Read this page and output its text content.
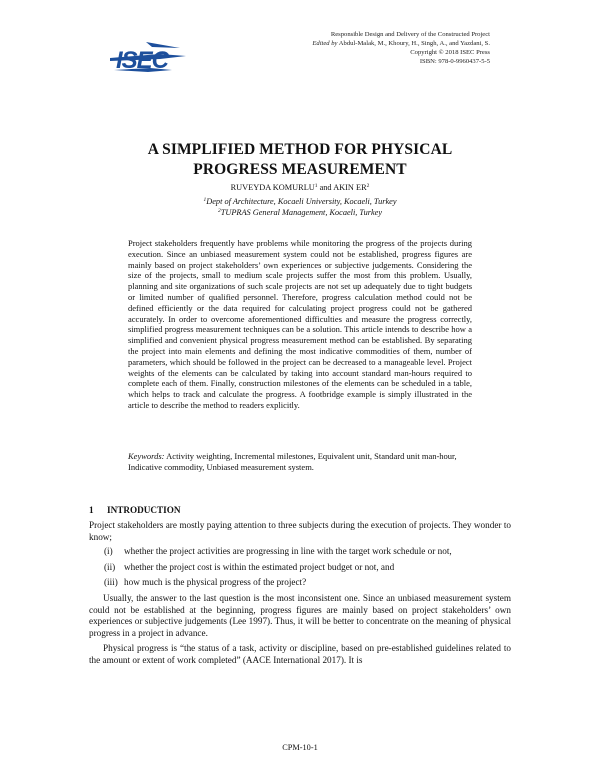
ISEC
Responsible Design and Delivery of the Constructed Project
Edited by Abdul-Malak, M., Khoury, H., Singh, A., and Yazdani, S.
Copyright © 2018 ISEC Press
ISBN: 978-0-9960437-5-5
A SIMPLIFIED METHOD FOR PHYSICAL
PROGRESS MEASUREMENT
RUVEYDA KOMURLU$^1$ and AKIN $ER^2$
$^1$Dept of Architecture, Kocaeli University, Kocaeli, Turkey
$^2$TUPRAS General Management, Kocaeli, Turkey

Project stakeholders frequently have problems while monitoring the progress of the projects during execution. Since an unbiased measurement system could not be established, progress figures are mainly based on project stakeholders’ own experiences or subjective judgements. Considering the size of the projects, small to medium scale projects suffer the most from this problem. Usually, planning and site organizations of such scale projects are not set up adequately due to tight budgets or limited number of qualified personnel. Therefore, progress calculation method could not be defined efficiently or the data required for calculating project progress could not be gathered accurately. In order to overcome aforementioned difficulties and measure the progress correctly, simplified progress measurement techniques can be a solution. This article intends to describe how a simplified and convenient physical progress measurement method can be established. By separating the project into main elements and defining the most indicative commodities of them, number of parameters, which should be followed in the project can be decreased to a manageable level. Project weights of the elements can be calculated by taking into account standard man-hours required to complete each of them. Finally, construction milestones of the elements can be scheduled in a table, which helps to track and calculate the progress. A footbridge example is simply illustrated in the article to describe the method to readers explicitly.

Keywords: Activity weighting, Incremental milestones, Equivalent unit, Standard unit man-hour, Indicative commodity, Unbiased measurement system.

1 INTRODUCTION

Project stakeholders are mostly paying attention to three subjects during the execution of projects. They wonder to know;

(i) whether the project activities are progressing in line with the target work schedule or not,
(ii) whether the project cost is within the estimated project budget or not, and
(iii) how much is the physical progress of the project?

Usually, the answer to the last question is the most inconsistent one. Since an unbiased measurement system could not be established at the beginning, progress figures are mainly based on project stakeholders’ own experiences or subjective judgements (Lee 1997). Thus, it will be better to concentrate on the meaning of physical progress in a project in advance.

Physical progress is “the status of a task, activity or discipline, based on pre-established guidelines related to the amount or extent of work completed” (AACE International 2017). It is

CPM-10-1
